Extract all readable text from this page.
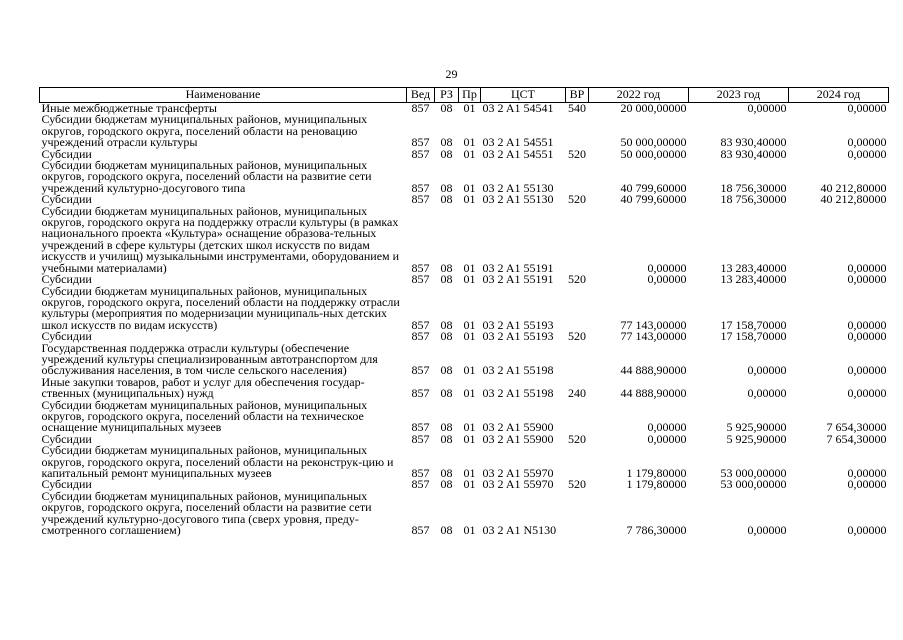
29
Наименование	Вед	РЗ	Пр	ЦСТ	ВР	2022 год	2023 год	2024 год
Иные межбюджетные трансферты	857	08	01	03 2 A1 54541	540	20 000,00000	0,00000	0,00000
Субсидии бюджетам муниципальных районов, муниципальных округов, городского округа, поселений области на реновацию учреждений отрасли культуры	857	08	01	03 2 A1 54551		50 000,00000	83 930,40000	0,00000
Субсидии	857	08	01	03 2 A1 54551	520	50 000,00000	83 930,40000	0,00000
Субсидии бюджетам муниципальных районов, муниципальных округов, городского округа, поселений области на развитие сети учреждений культурно-досугового типа	857	08	01	03 2 A1 55130		40 799,60000	18 756,30000	40 212,80000
Субсидии	857	08	01	03 2 A1 55130	520	40 799,60000	18 756,30000	40 212,80000
Субсидии бюджетам муниципальных районов, муниципальных округов, городского округа на поддержку отрасли культуры (в рамках национального проекта «Культура» оснащение образова-тельных учреждений в сфере культуры (детских школ искусств по видам искусств и училищ) музыкальными инструментами, оборудованием и учебными материалами)	857	08	01	03 2 A1 55191		0,00000	13 283,40000	0,00000
Субсидии	857	08	01	03 2 A1 55191	520	0,00000	13 283,40000	0,00000
Субсидии бюджетам муниципальных районов, муниципальных округов, городского округа, поселений области на поддержку отрасли культуры (мероприятия по модернизации муниципаль-ных детских школ искусств по видам искусств)	857	08	01	03 2 A1 55193		77 143,00000	17 158,70000	0,00000
Субсидии	857	08	01	03 2 A1 55193	520	77 143,00000	17 158,70000	0,00000
Государственная поддержка отрасли культуры (обеспечение учреждений культуры специализированным автотранспортом для обслуживания населения, в том числе сельского населения)	857	08	01	03 2 A1 55198		44 888,90000	0,00000	0,00000
Иные закупки товаров, работ и услуг для обеспечения государ-ственных (муниципальных) нужд	857	08	01	03 2 A1 55198	240	44 888,90000	0,00000	0,00000
Субсидии бюджетам муниципальных районов, муниципальных округов, городского округа, поселений области на техническое оснащение муниципальных музеев	857	08	01	03 2 A1 55900		0,00000	5 925,90000	7 654,30000
Субсидии	857	08	01	03 2 A1 55900	520	0,00000	5 925,90000	7 654,30000
Субсидии бюджетам муниципальных районов, муниципальных округов, городского округа, поселений области на реконструк-цию и капитальный ремонт муниципальных музеев	857	08	01	03 2 A1 55970		1 179,80000	53 000,00000	0,00000
Субсидии	857	08	01	03 2 A1 55970	520	1 179,80000	53 000,00000	0,00000
Субсидии бюджетам муниципальных районов, муниципальных округов, городского округа, поселений области на развитие сети учреждений культурно-досугового типа (сверх уровня, преду-смотренного соглашением)	857	08	01	03 2 A1 N5130		7 786,30000	0,00000	0,00000
